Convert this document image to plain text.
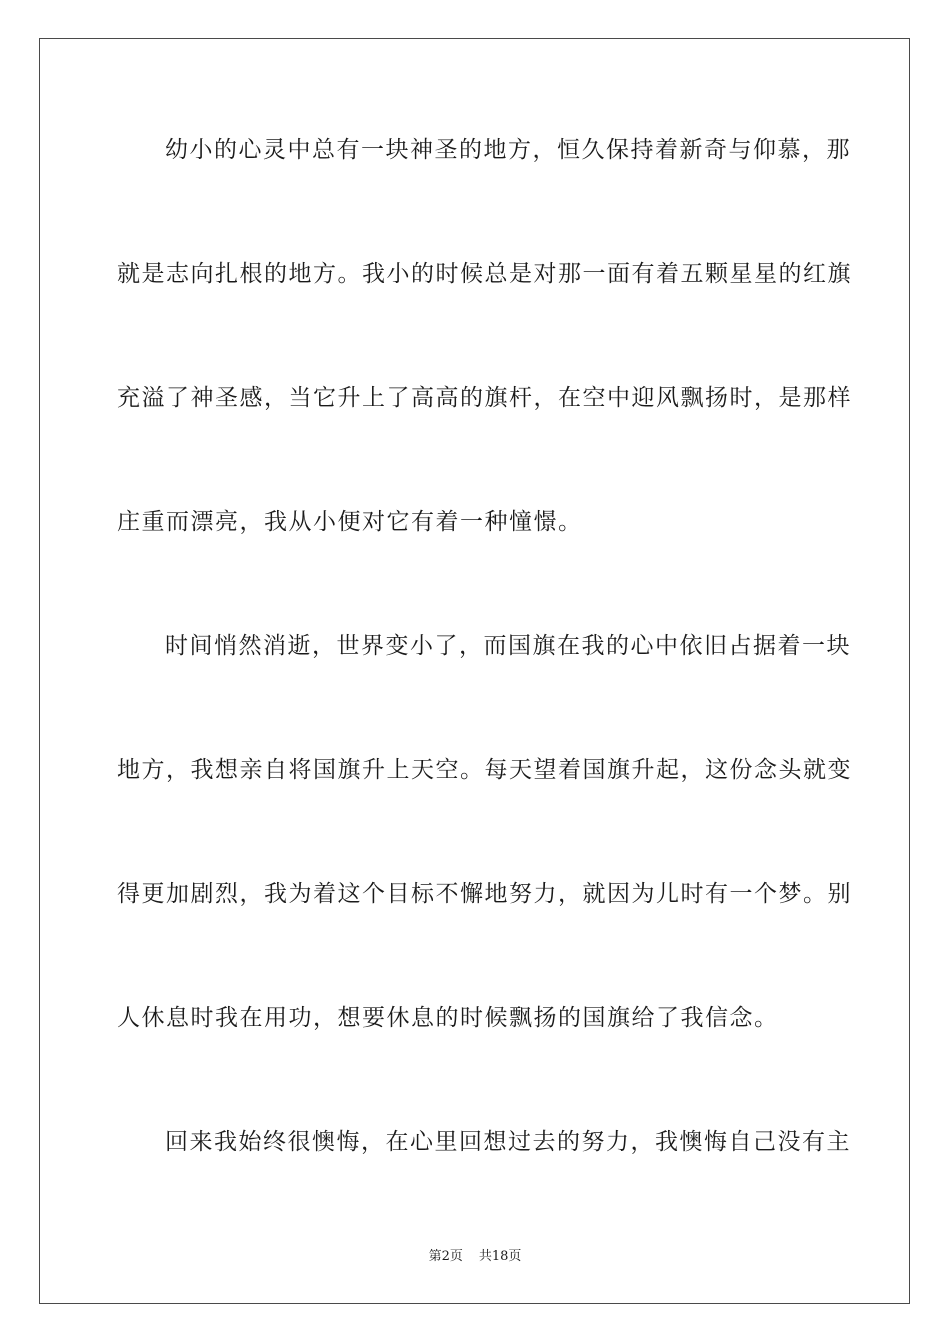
幼小的心灵中总有一块神圣的地方，恒久保持着新奇与仰慕，那
就是志向扎根的地方。我小的时候总是对那一面有着五颗星星的红旗
充溢了神圣感，当它升上了高高的旗杆，在空中迎风飘扬时，是那样
庄重而漂亮，我从小便对它有着一种憧憬。
时间悄然消逝，世界变小了，而国旗在我的心中依旧占据着一块
地方，我想亲自将国旗升上天空。每天望着国旗升起，这份念头就变
得更加剧烈，我为着这个目标不懈地努力，就因为儿时有一个梦。别
人休息时我在用功，想要休息的时候飘扬的国旗给了我信念。
回来我始终很懊悔，在心里回想过去的努力，我懊悔自己没有主
第2页 共18页
